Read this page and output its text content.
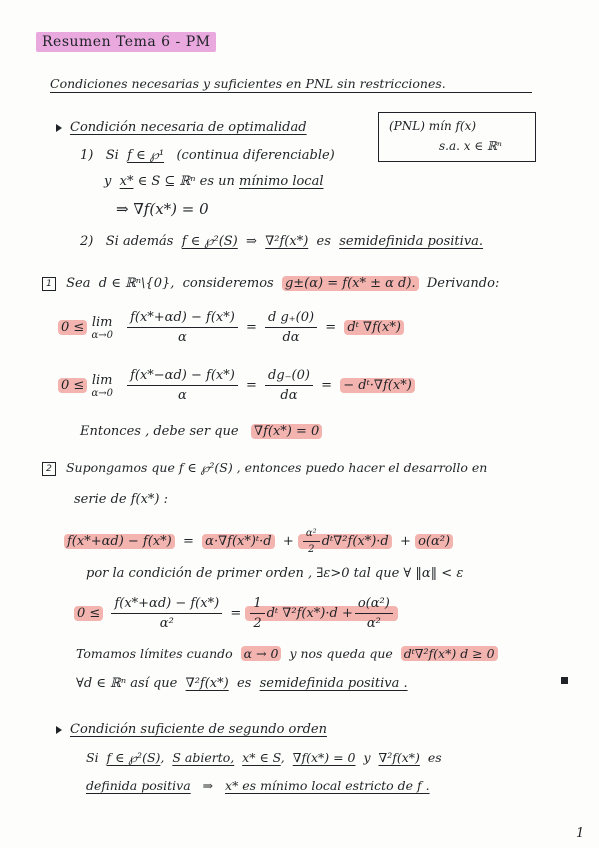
Resumen Tema 6 - PM
Condiciones necesarias y suficientes en PNL sin restricciones.
Condición necesaria de optimalidad	(PNL) mín f(x)
s.a. x ∈ ℝⁿ
1) Si f ∈ ℘¹ (continua diferenciable)
y x* ∈ S ⊆ ℝⁿ es un mínimo local
⇒ ∇f(x*) = 0
2) Si además f ∈ ℘²(S) ⇒ ∇²f(x*) es semidefinida positiva.
1 Sea d ∈ ℝⁿ\{0}, consideremos g±(α) = f(x* ± α d). Derivando:
0 ≤ lim
α→0
$\frac{f(x*+\alpha d) - f(x*)}{\alpha} = \frac{\text{d g₊(0)}}{d\alpha}$ = dᵗ ∇f(x*)
0 ≤ lim
α→0
$\frac{f(x*-\alpha d) - f(x*)}{\alpha} = \frac{dg_-(0)}{d\alpha}$ = − dᵗ·∇f(x*)
Entonces , debe ser que ∇f(x*) = 0
2 Supongamos que f ∈ ℘²(S) , entonces puedo hacer el desarrollo en
serie de f(x*) :
f(x*+αd) − f(x*) = α·∇f(x*)ᵗ·d + $\frac{\text{α²}}{2}$ dᵗ∇²f(x*)·d + o(α²)
por la condición de primer orden , ∃ε>0 tal que ∀ ‖α‖ < ε
$0 \le \frac{f(x*+\alpha d) - f(x*)}{\text{α²}} = \frac{1}{2}$ dᵗ $\nabla^2f(x*)\cdot d + \frac{\text{o(α²)}}{\text{α²}}$
Tomamos límites cuando α → 0 y nos queda que dᵗ∇²f(x*) d ≥ 0
∀d ∈ ℝⁿ así que ∇²f(x*) es semidefinida positiva .
Condición suficiente de segundo orden
Si f ∈ ℘²(S), S abierto, x* ∈ S, ∇f(x*) = 0 y ∇²f(x*) es
definida positiva ⇒ x* es mínimo local estricto de f .
1
